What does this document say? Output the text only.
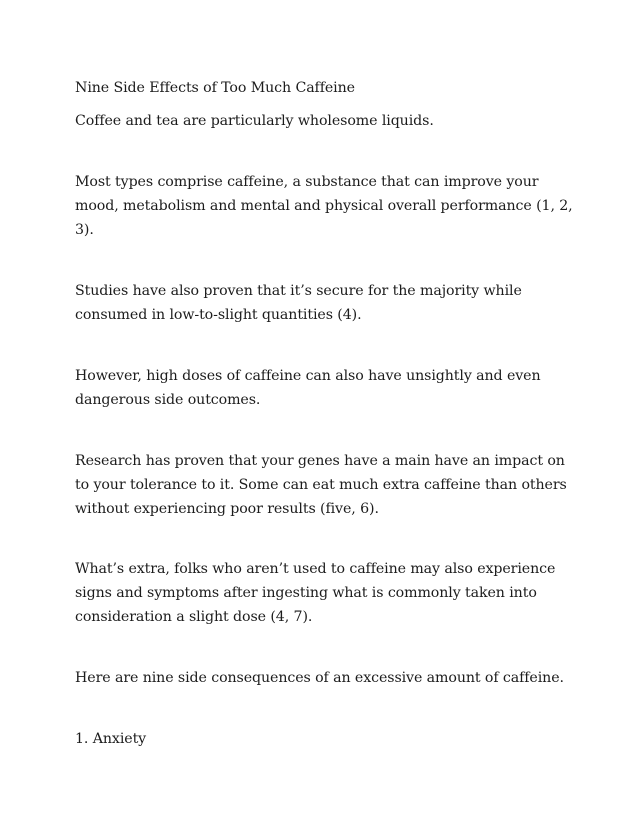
Nine Side Effects of Too Much Caffeine
Coffee and tea are particularly wholesome liquids.
Most types comprise caffeine, a substance that can improve your
mood, metabolism and mental and physical overall performance (1, 2,
3).
Studies have also proven that it’s secure for the majority while
consumed in low-to-slight quantities (4).
However, high doses of caffeine can also have unsightly and even
dangerous side outcomes.
Research has proven that your genes have a main have an impact on
to your tolerance to it. Some can eat much extra caffeine than others
without experiencing poor results (five, 6).
What’s extra, folks who aren’t used to caffeine may also experience
signs and symptoms after ingesting what is commonly taken into
consideration a slight dose (4, 7).
Here are nine side consequences of an excessive amount of caffeine.
1. Anxiety
